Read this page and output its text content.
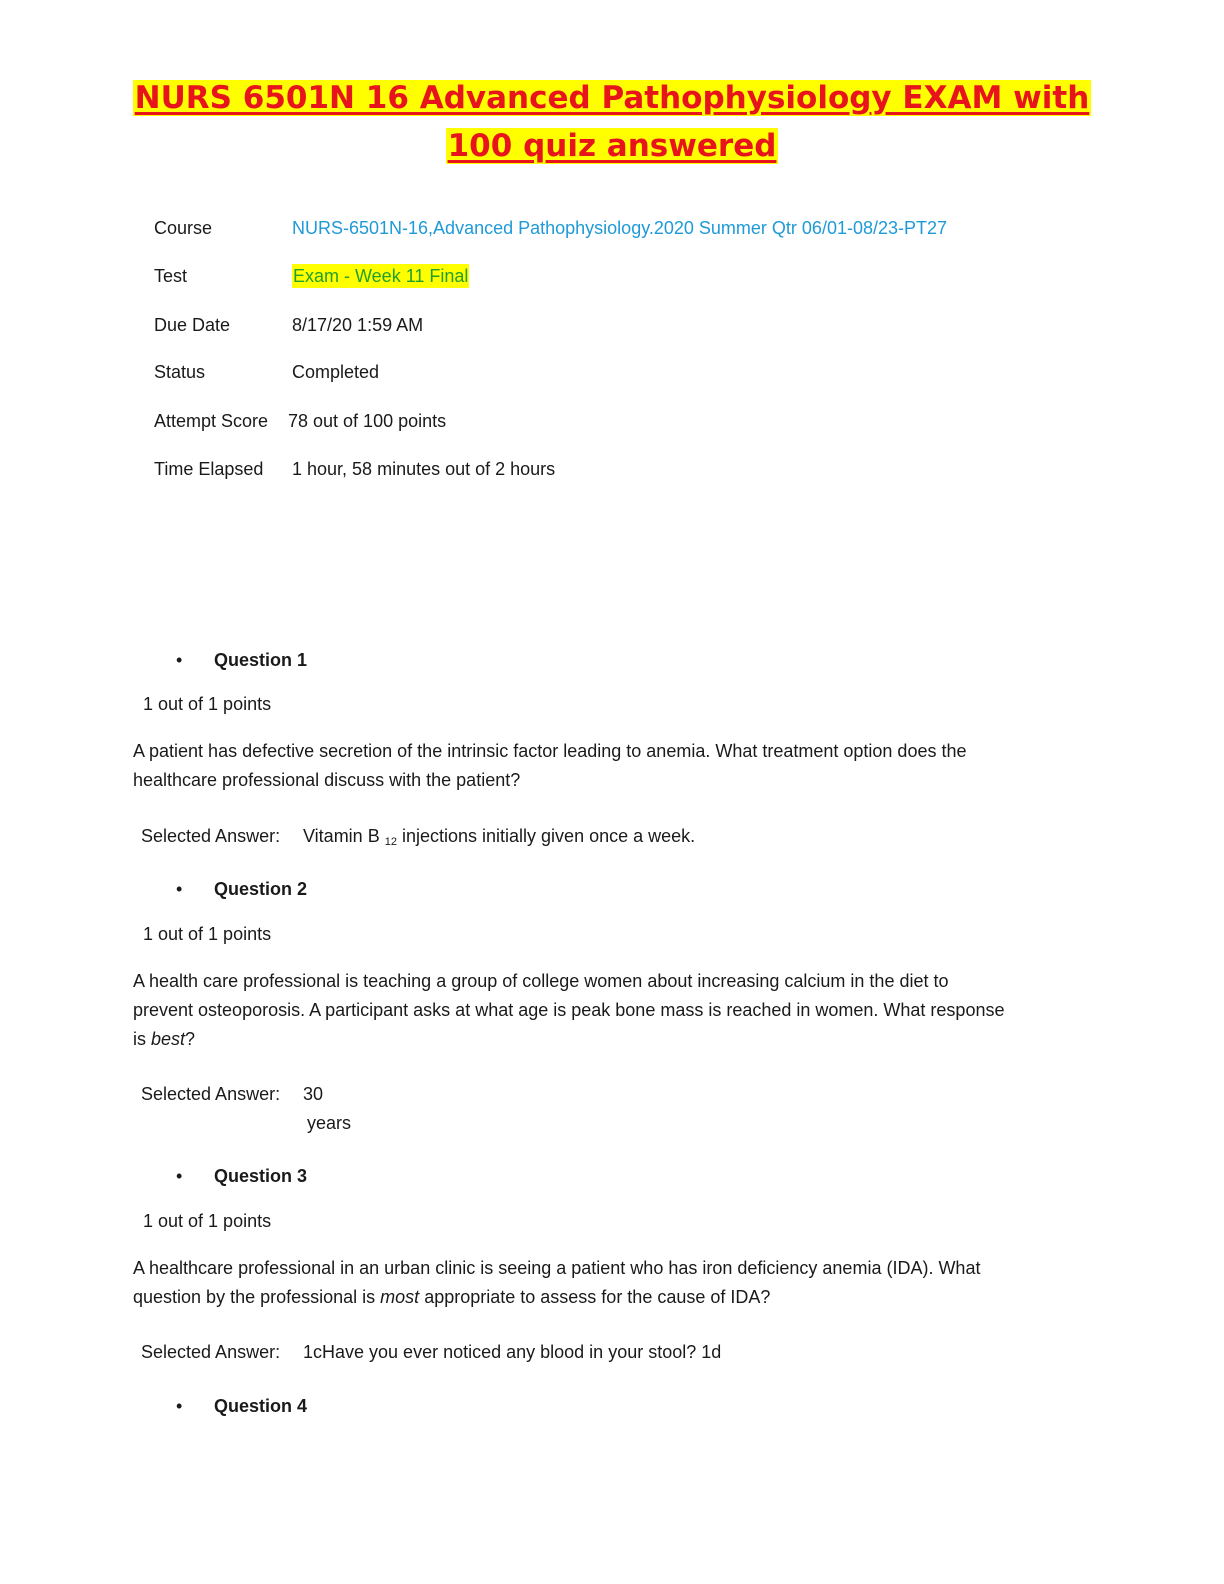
NURS 6501N 16 Advanced Pathophysiology EXAM with
100 quiz answered
Course	NURS-6501N-16,Advanced Pathophysiology.2020 Summer Qtr 06/01-08/23-PT27
Test	Exam - Week 11 Final
Due Date	8/17/20 1:59 AM
Status	Completed
Attempt Score 78 out of 100 points
Time Elapsed 1 hour, 58 minutes out of 2 hours
• Question 1
1 out of 1 points
A patient has defective secretion of the intrinsic factor leading to anemia. What treatment option does the healthcare professional discuss with the patient?
Selected Answer: Vitamin B $_{12}$ injections initially given once a week.
• Question 2
1 out of 1 points
A health care professional is teaching a group of college women about increasing calcium in the diet to prevent osteoporosis. A participant asks at what age is peak bone mass is reached in women. What response is best?
Selected Answer: 30
years
• Question 3
1 out of 1 points
A healthcare professional in an urban clinic is seeing a patient who has iron deficiency anemia (IDA). What question by the professional is most appropriate to assess for the cause of IDA?
Selected Answer: 1cHave you ever noticed any blood in your stool? 1d
• Question 4
